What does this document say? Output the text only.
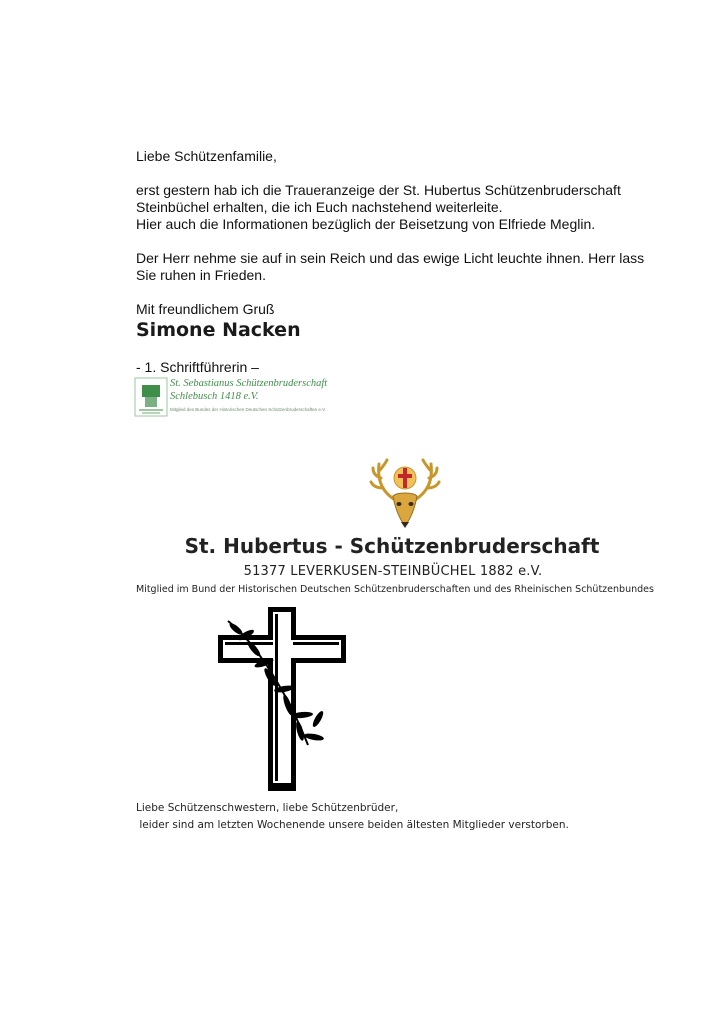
Liebe Schützenfamilie,

erst gestern hab ich die Traueranzeige der St. Hubertus Schützenbruderschaft
Steinbüchel erhalten, die ich Euch nachstehend weiterleite.
Hier auch die Informationen bezüglich der Beisetzung von Elfriede Meglin.

Der Herr nehme sie auf in sein Reich und das ewige Licht leuchte ihnen. Herr lass
Sie ruhen in Frieden.

Mit freundlichem Gruß

Simone Nacken

- 1. Schriftführerin –

St. Sebastianus Schützenbruderschaft
Schlebusch 1418 e.V.
Mitglied des Bundes der Historischen Deutschen Schützenbruderschaften e.V.
St. Hubertus - Schützenbruderschaft
51377 LEVERKUSEN-STEINBÜCHEL 1882 e.V.
Mitglied im Bund der Historischen Deutschen Schützenbruderschaften und des Rheinischen Schützenbundes
Liebe Schützenschwestern, liebe Schützenbrüder,
leider sind am letzten Wochenende unsere beiden ältesten Mitglieder verstorben.
